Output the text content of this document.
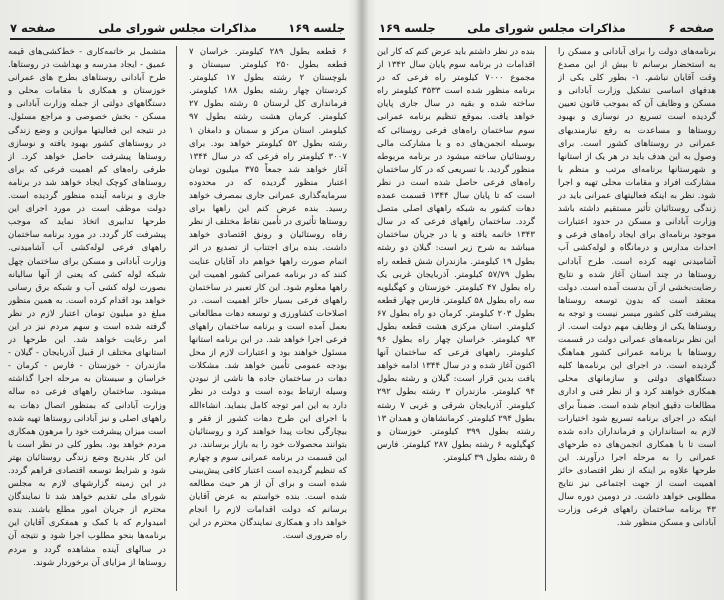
جلسه ۱۶۹
مذاکرات مجلس شورای ملی
صفحه ۷

۶ قطعه بطول ۲۸۹ کیلومتر. خراسان ۷ قطعه بطول ۲۵۰ کیلومتر. سیستان و بلوچستان ۲ رشته بطول ۱۷ کیلومتر. کردستان چهار رشته بطول ۱۸۸ کیلومتر. فرمانداری کل لرستان ۵ رشته بطول ۲۷ کیلومتر. کرمان هشت رشته بطول ۹۷ کیلومتر. استان مرکز و سمنان و دامغان ۱ رشته بطول ۵۲ کیلومتر خواهد بود. برای ۳۰۰۷ کیلومتر راه فرعی که در سال ۱۳۴۴ آغاز خواهد شد جمعاً ۳۷۵ میلیون تومان اعتبار منظور گردیده که در محدوده سرمایه‌گذاری عمرانی جاری بمصرف خواهد رسید. بنده عرض کنم این راهها برای روستاها تأثیری در تأمین نقاط مختلف از نظر رفاه روستائیان و رونق اقتصادی خواهد داشت. بنده برای اجتناب از تصدیع در اثر اتمام صورت راهها خواهم داد آقایان عنایت کنند که در برنامه عمرانی کشور اهمیت این راهها معلوم شود. این کار تعبیر در ساختمان راههای فرعی بسیار حائز اهمیت است. در اصلاحات کشاورزی و توسعه دهات مطالعاتی بعمل آمده است و برنامه ساختمان راههای فرعی اجرا خواهد شد. در این برنامه استانها مسئول خواهند بود و اعتبارات لازم از محل بودجه عمومی تأمین خواهد شد. مشکلات دهات در ساختمان جاده ها ناشی از نبودن وسیله ارتباط بوده است و دولت در نظر دارد به این امر توجه کامل بنماید. انشاءالله با اجرای این طرح دهات کشور از فقر و بیچارگی نجات پیدا خواهند کرد و روستائیان بتوانند محصولات خود را به بازار برسانند. در این قسمت در برنامه عمرانی سوم و چهارم که تنظیم گردیده است اعتبار کافی پیش‌بینی شده است و برای آن از هر حیث مطالعه شده است. بنده خواستم به عرض آقایان برسانم که دولت اقدامات لازم را انجام خواهد داد و همکاری نمایندگان محترم در این راه ضروری است.

متشمل بر خاتمه‌کاری - خط‌کشی‌های قیمه عمیق - ایجاد مدرسه و بهداشت در روستاها. طرح آبادانی روستاهای بطرح های عمرانی خوزستان و همکاری با مقامات محلی و دستگاههای دولتی از جمله وزارت آبادانی و مسکن - بخش خصوصی و مراجع مسئول. در نتیجه این فعالیتها موازین و وضع زندگی در روستاهای کشور بهبود یافته و نوسازی روستاها پیشرفت حاصل خواهد کرد. از طرفی راه‌های کم اهمیت فرعی‌ که برای روستاهای کوچک ایجاد خواهد شد در برنامه جاری و برنامه آینده منظور گردیده است. دولت موظف است در مورد اجرای این طرحها تدابیری اتخاذ نماید که موجب پیشرفت کار گردد. در مورد برنامه ساختمان راههای فرعی لوله‌کشی آب آشامیدنی. وزارت آبادانی و مسکن برای ساختمان چهل شبکه لوله کشی که یعنی از آنها سالیانه بصورت لوله کشی آب و شبکه برق رسانی خواهد بود اقدام کرده است. به همین منظور مبلغ دو میلیون تومان اعتبار لازم در نظر گرفته شده است و سهم مردم نیز در این امر رعایت خواهد شد. این طرحها در استانهای مختلف از قبیل آذربایجان - گیلان - مازندران - خوزستان - فارس - کرمان - خراسان و سیستان به مرحله اجرا گذاشته میشود. ساختمان راههای فرعی ده ساله وزارت آبادانی که بمنظور اتصال دهات به راههای اصلی و نیز آبادانی روستاها تهیه شده است میزان پیشرفت خود را مرهون همکاری مردم خواهد بود. بطور کلی در نظر است با این کار بتدریج وضع زندگی روستائیان بهتر شود و شرایط توسعه اقتصادی فراهم گردد. در این زمینه گزارشهای لازم به مجلس شورای ملی تقدیم خواهد شد تا نمایندگان محترم از جریان امور مطلع باشند. بنده امیدوارم که با کمک و همفکری آقایان این برنامه‌ها بنحو مطلوب اجرا شود و نتیجه آن در سالهای آینده مشاهده گردد و مردم روستاها از مزایای آن برخوردار شوند.

صفحه ۶
مذاکرات مجلس شورای ملی
جلسه ۱۶۹

برنامه‌های دولت را برای آبادانی و مسکن را به استحضار برسانم تا بیش از این مصدع وقت آقایان نباشم. ۱- بطور کلی یکی از هدفهای اساسی تشکیل وزارت آبادانی و مسکن و وظایف آن که بموجب قانون تعیین گردیده است تسریع در نوسازی و بهبود روستاها و مساعدت به رفع نیازمندیهای عمرانی در روستاهای کشور است. برای وصول به این هدف باید در هر یک از استانها و شهرستانها برنامه‌ای مرتب و منظم با مشارکت افراد و مقامات محلی تهیه و اجرا شود. نظر به اینکه فعالیتهای عمرانی باید در زندگی روستائیان تأثیر مستقیم داشته باشد وزارت آبادانی و مسکن در حدود اعتبارات موجود برنامه‌ای برای ایجاد راه‌های فرعی و احداث مدارس و درمانگاه و لوله‌کشی آب آشامیدنی تهیه کرده است. طرح آبادانی روستاها در چند استان آغاز شده و نتایج رضایت‌بخشی از آن بدست آمده است. دولت معتقد است که بدون توسعه روستاها پیشرفت کلی کشور میسر نیست و توجه به روستاها یکی از وظایف مهم دولت است. از این نظر برنامه‌های عمرانی دولت در قسمت روستاها با برنامه عمرانی کشور هماهنگ گردیده است. در اجرای این برنامه‌ها کلیه دستگاههای دولتی و سازمانهای محلی همکاری خواهند کرد و از نظر فنی و اداری مطالعات دقیق انجام شده است. ضمناً برای اینکه در اجرای برنامه تسریع شود اختیارات لازم به استانداران و فرمانداران داده شده است تا با همکاری انجمن‌های ده طرحهای عمرانی را به مرحله اجرا درآورند. این طرحها علاوه بر اینکه از نظر اقتصادی حائز اهمیت است از جهت اجتماعی نیز نتایج مطلوبی خواهد داشت. در دومین دوره سال ۴۳ برنامه ساختمان راههای فرعی وزارت آبادانی و مسکن منظور شد.

بنده در نظر داشتم باید عرض کنم که کار این اقدامات در برنامه سوم پایان سال ۱۳۴۲ از مجموع ۷۰۰۰ کیلومتر راه فرعی که در برنامه منظور شده است ۳۵۳۳ کیلومتر راه ساخته شده و بقیه در سال جاری پایان خواهد یافت. بموقع تنظیم برنامه عمرانی سوم ساختمان راه‌های فرعی روستائی که بوسیله انجمن‌های ده و با مشارکت مالی روستائیان ساخته میشود در برنامه مربوطه منظور گردید. با تسریعی که در کار ساختمان راه‌های فرعی حاصل شده است در نظر است که تا پایان سال ۱۳۴۴ قسمت عمده دهات کشور به شبکه راههای اصلی متصل گردد. ساختمان راههای فرعی که در سال ۱۳۴۳ خاتمه یافته و یا در جریان ساختمان میباشد به شرح زیر است: گیلان دو رشته بطول ۱۹ کیلومتر. مازندران شش قطعه راه بطول ۵۷/۷۹ کیلومتر. آذربایجان غربی یک راه بطول ۴۷ کیلومتر. خوزستان و کهگیلویه سه راه بطول ۵۸ کیلومتر. فارس چهار قطعه بطول ۲۰۳ کیلومتر. کرمان دو راه بطول ۶۷ کیلومتر. استان مرکزی هشت قطعه بطول ۹۳ کیلومتر. خراسان چهار راه بطول ۹۶ کیلومتر. راههای فرعی که ساختمان آنها اکنون آغاز شده و در سال ۱۳۴۴ ادامه خواهد یافت بدین قرار است: گیلان و رشته بطول ۹۴ کیلومتر. مازندران ۳ رشته بطول ۲۹۲ کیلومتر. آذربایجان شرقی و غربی ۷ رشته بطول ۲۹۴ کیلومتر. کرمانشاهان و همدان ۱۳ رشته بطول ۳۹۹ کیلومتر. خوزستان و کهگیلویه ۶ رشته بطول ۲۸۷ کیلومتر. فارس ۵ رشته بطول ۳۹ کیلومتر.
